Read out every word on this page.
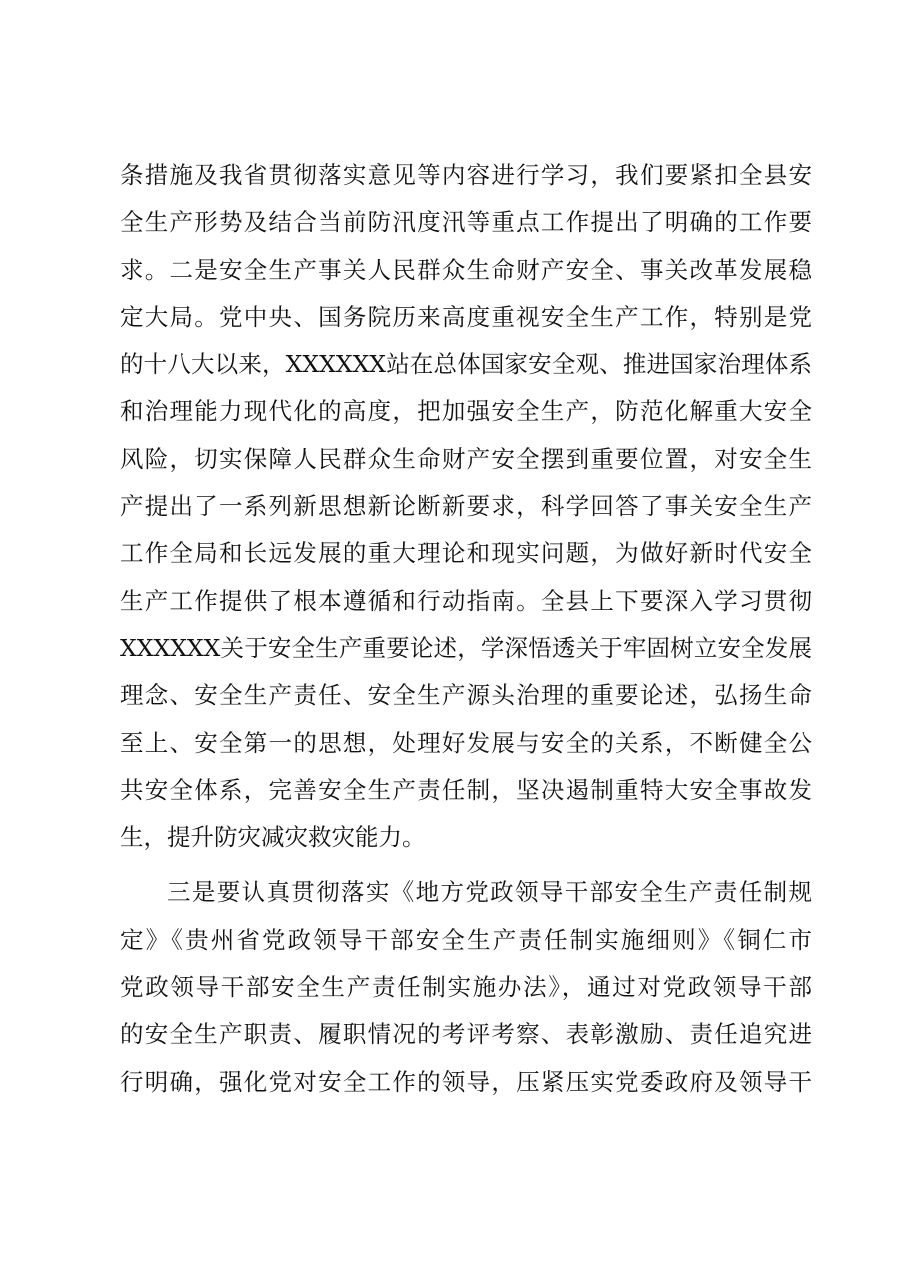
条措施及我省贯彻落实意见等内容进行学习，我们要紧扣全县安
全生产形势及结合当前防汛度汛等重点工作提出了明确的工作要
求。二是安全生产事关人民群众生命财产安全、事关改革发展稳
定大局。党中央、国务院历来高度重视安全生产工作，特别是党
的十八大以来，XXXXXX站在总体国家安全观、推进国家治理体系
和治理能力现代化的高度，把加强安全生产，防范化解重大安全
风险，切实保障人民群众生命财产安全摆到重要位置，对安全生
产提出了一系列新思想新论断新要求，科学回答了事关安全生产
工作全局和长远发展的重大理论和现实问题，为做好新时代安全
生产工作提供了根本遵循和行动指南。全县上下要深入学习贯彻
XXXXXX关于安全生产重要论述，学深悟透关于牢固树立安全发展
理念、安全生产责任、安全生产源头治理的重要论述，弘扬生命
至上、安全第一的思想，处理好发展与安全的关系，不断健全公
共安全体系，完善安全生产责任制，坚决遏制重特大安全事故发
生，提升防灾减灾救灾能力。
三是要认真贯彻落实《地方党政领导干部安全生产责任制规
定》《贵州省党政领导干部安全生产责任制实施细则》《铜仁市
党政领导干部安全生产责任制实施办法》，通过对党政领导干部
的安全生产职责、履职情况的考评考察、表彰激励、责任追究进
行明确，强化党对安全工作的领导，压紧压实党委政府及领导干
